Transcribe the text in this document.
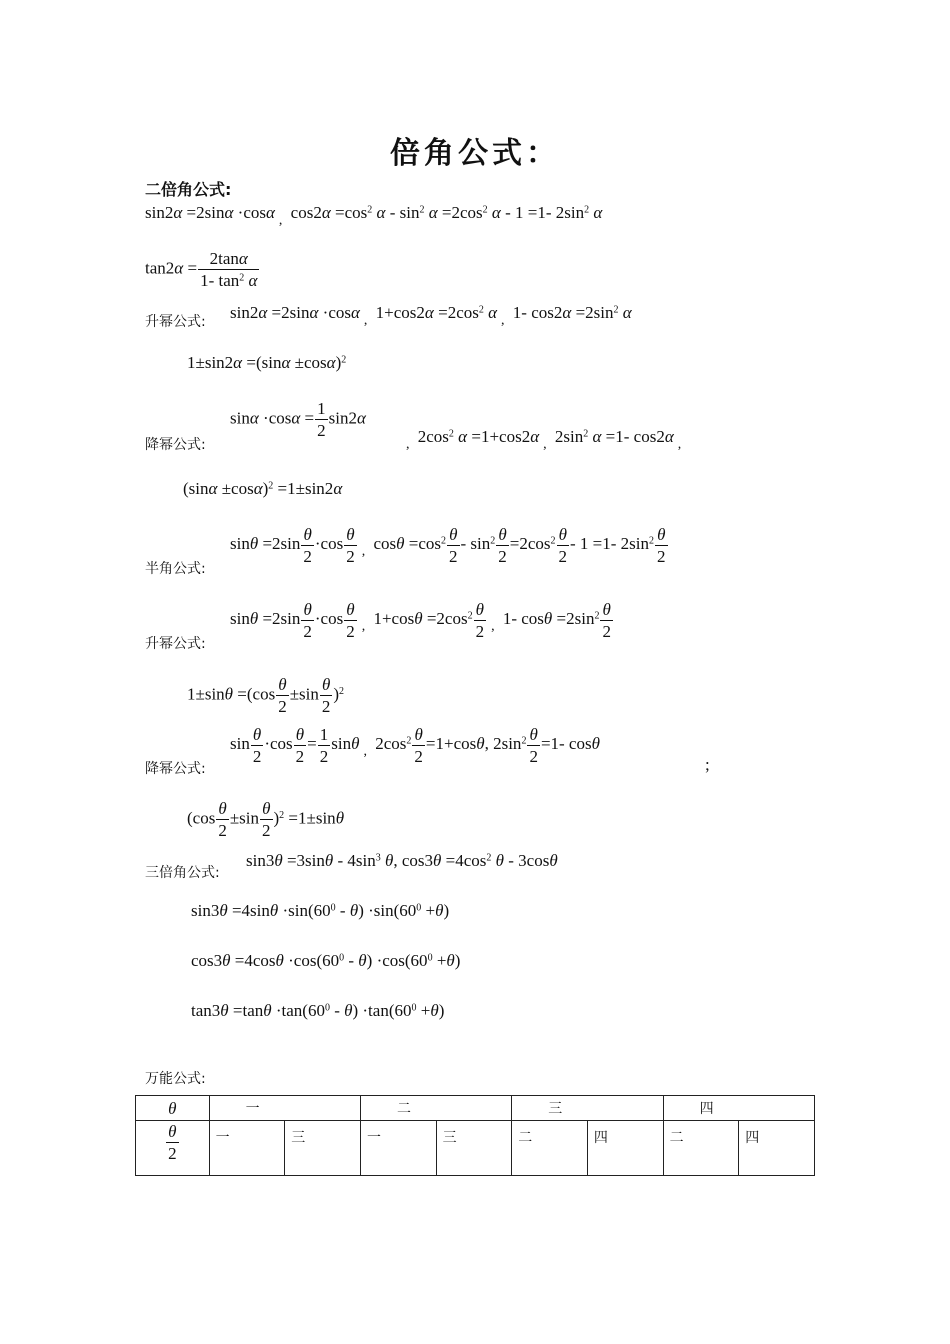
倍角公式：
二倍角公式:
sin2α =2sinα ·cosα $_,$ $\cos 2\alpha =\cos^2$ $\alpha - \sin^2 \alpha =2\cos^2$ α - 1 =1- $2\sin^2$ α
$\tan 2\alpha = \frac{2\tan\alpha}{1- \tan^2 \alpha}$
升幂公式: sin2α =2sinα ·cosα $_,$ $1+\cos 2\alpha =2\cos^2$ α $_,$ 1- $\cos 2\alpha =2\sin^2$ α
$1\pm\sin 2\alpha =(\sin\alpha \pm\cos\alpha)^2$
降幂公式:
$\sin\alpha \cdot\cos\alpha = \frac{1}{2} \sin 2\alpha$
$_,$ $2\cos^2$ α =1+cos2α $_,$ $2\sin^2$ α =1- cos2α $_,$
$(\sin\alpha \pm\cos\alpha)^2 =1\pm\sin 2\alpha$
半角公式:
$\sin\theta =2\sin \frac{\theta}{2} \cdot\cos \frac{\theta}{2} _,$ $\cos\theta =\cos^2 \frac{\theta}{2} - \sin^2 \frac{\theta}{2} =2\cos^2 \frac{\theta}{2} - 1 =1-$ $2\sin^2 \frac{\theta}{2}$
升幂公式:
$\sin\theta =2\sin \frac{\theta}{2} \cdot\cos \frac{\theta}{2} _,$ $1+\cos\theta =2\cos^2 \frac{\theta}{2} _,$ 1- $\cos\theta =2\sin^2 \frac{\theta}{2}$
$1\pm\sin\theta =(\cos \frac{\theta}{2} \pm\sin \frac{\theta}{2} )^2$
降幂公式:
$\sin \frac{\theta}{2} \cdot\cos \frac{\theta}{2} = \frac{1}{2}$ sinθ $_,$ $2\cos^2 \frac{\theta}{2} =1+\cos\theta$, $2\sin^2 \frac{\theta}{2} =1-$ cosθ
;
$(\cos \frac{\theta}{2} \pm\sin \frac{\theta}{2} )^2 =1\pm\sin\theta$
三倍角公式:
$\sin 3\theta =3\sin\theta - 4\sin^3$ θ, $\cos 3\theta =4\cos^2$ θ - 3cosθ
$\sin 3\theta =4\sin\theta \cdot\sin(60^0 - \theta) \cdot\sin(60^0 +\theta)$
$\cos 3\theta =4\cos\theta \cdot\cos(60^0 - \theta) \cdot\cos(60^0 +\theta)$
$\tan 3\theta =\tan\theta \cdot\tan(60^0 - \theta) \cdot\tan(60^0 +\theta)$
万能公式:
θ	一		二		三		四	

$\frac{\theta}{2}$	一	三	一	三	二	四	二	四
